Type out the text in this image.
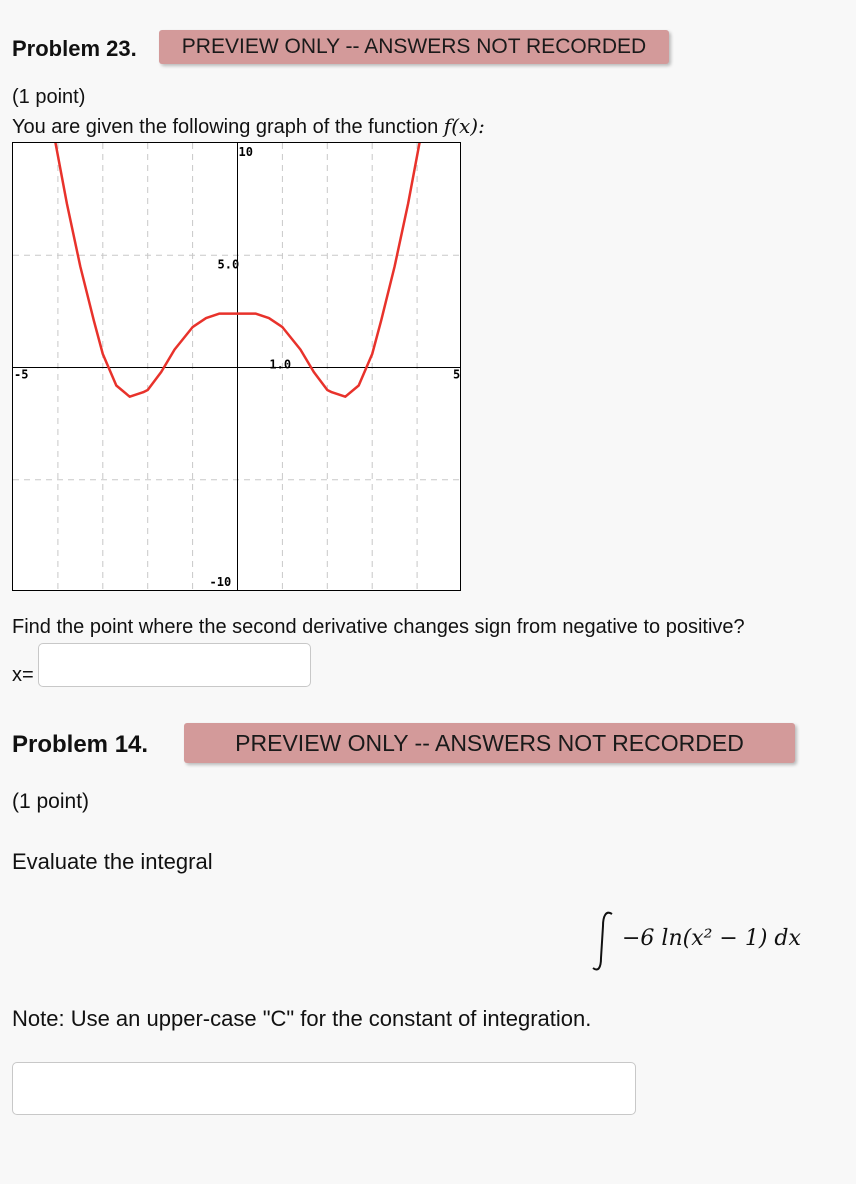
Problem 23.	PREVIEW ONLY -- ANSWERS NOT RECORDED
(1 point)
You are given the following graph of the function f(x):
-5
1.0
5
10
5.0
-10
Find the point where the second derivative changes sign from negative to positive?
x=
Problem 14.	PREVIEW ONLY -- ANSWERS NOT RECORDED
(1 point)
Evaluate the integral
−6 ln(x² − 1) dx
Note: Use an upper-case "C" for the constant of integration.
